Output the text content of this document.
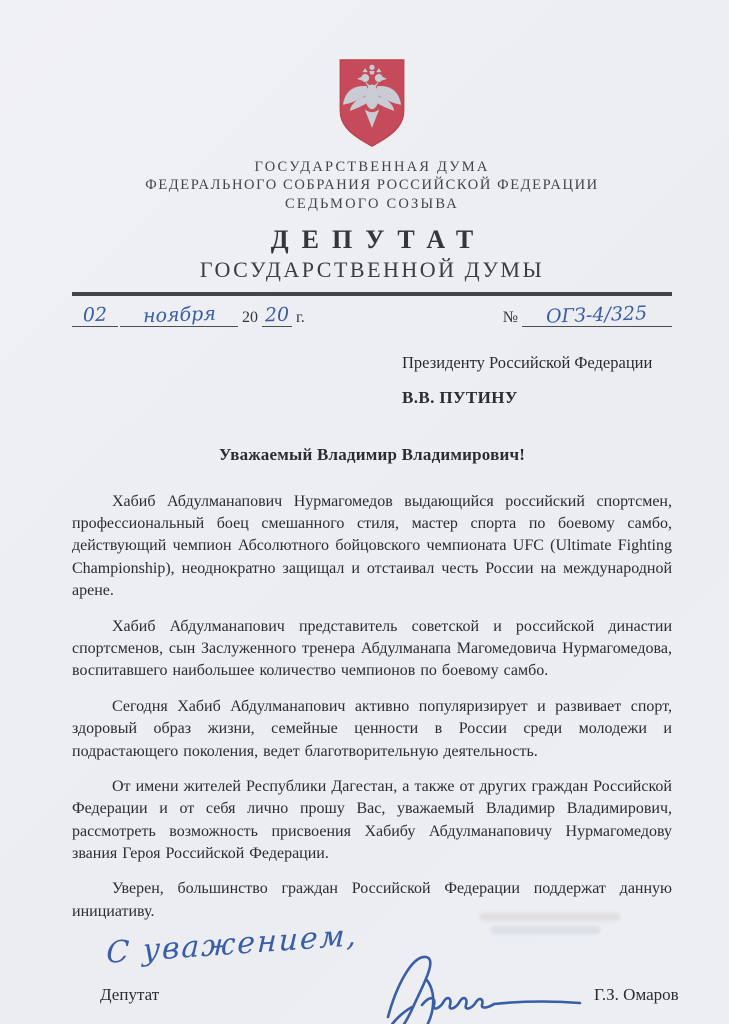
ГОСУДАРСТВЕННАЯ ДУМА
ФЕДЕРАЛЬНОГО СОБРАНИЯ РОССИЙСКОЙ ФЕДЕРАЦИИ
СЕДЬМОГО СОЗЫВА
ДЕПУТАТ
ГОСУДАРСТВЕННОЙ ДУМЫ
02	ноября	20 20 г.	№	ОГЗ-4/325
Президенту Российской Федерации
В.В. ПУТИНУ
Уважаемый Владимир Владимирович!

Хабиб Абдулманапович Нурмагомедов выдающийся российский спортсмен, профессиональный боец смешанного стиля, мастер спорта по боевому самбо, действующий чемпион Абсолютного бойцовского чемпионата UFC (Ultimate Fighting Championship), неоднократно защищал и отстаивал честь России на международной арене.

Хабиб Абдулманапович представитель советской и российской династии спортсменов, сын Заслуженного тренера Абдулманапа Магомедовича Нурмагомедова, воспитавшего наибольшее количество чемпионов по боевому самбо.

Сегодня Хабиб Абдулманапович активно популяризирует и развивает спорт, здоровый образ жизни, семейные ценности в России среди молодежи и подрастающего поколения, ведет благотворительную деятельность.

От имени жителей Республики Дагестан, а также от других граждан Российской Федерации и от себя лично прошу Вас, уважаемый Владимир Владимирович, рассмотреть возможность присвоения Хабибу Абдулманаповичу Нурмагомедову звания Героя Российской Федерации.

Уверен, большинство граждан Российской Федерации поддержат данную инициативу.

С уважением,
Депутат	Г.З. Омаров
